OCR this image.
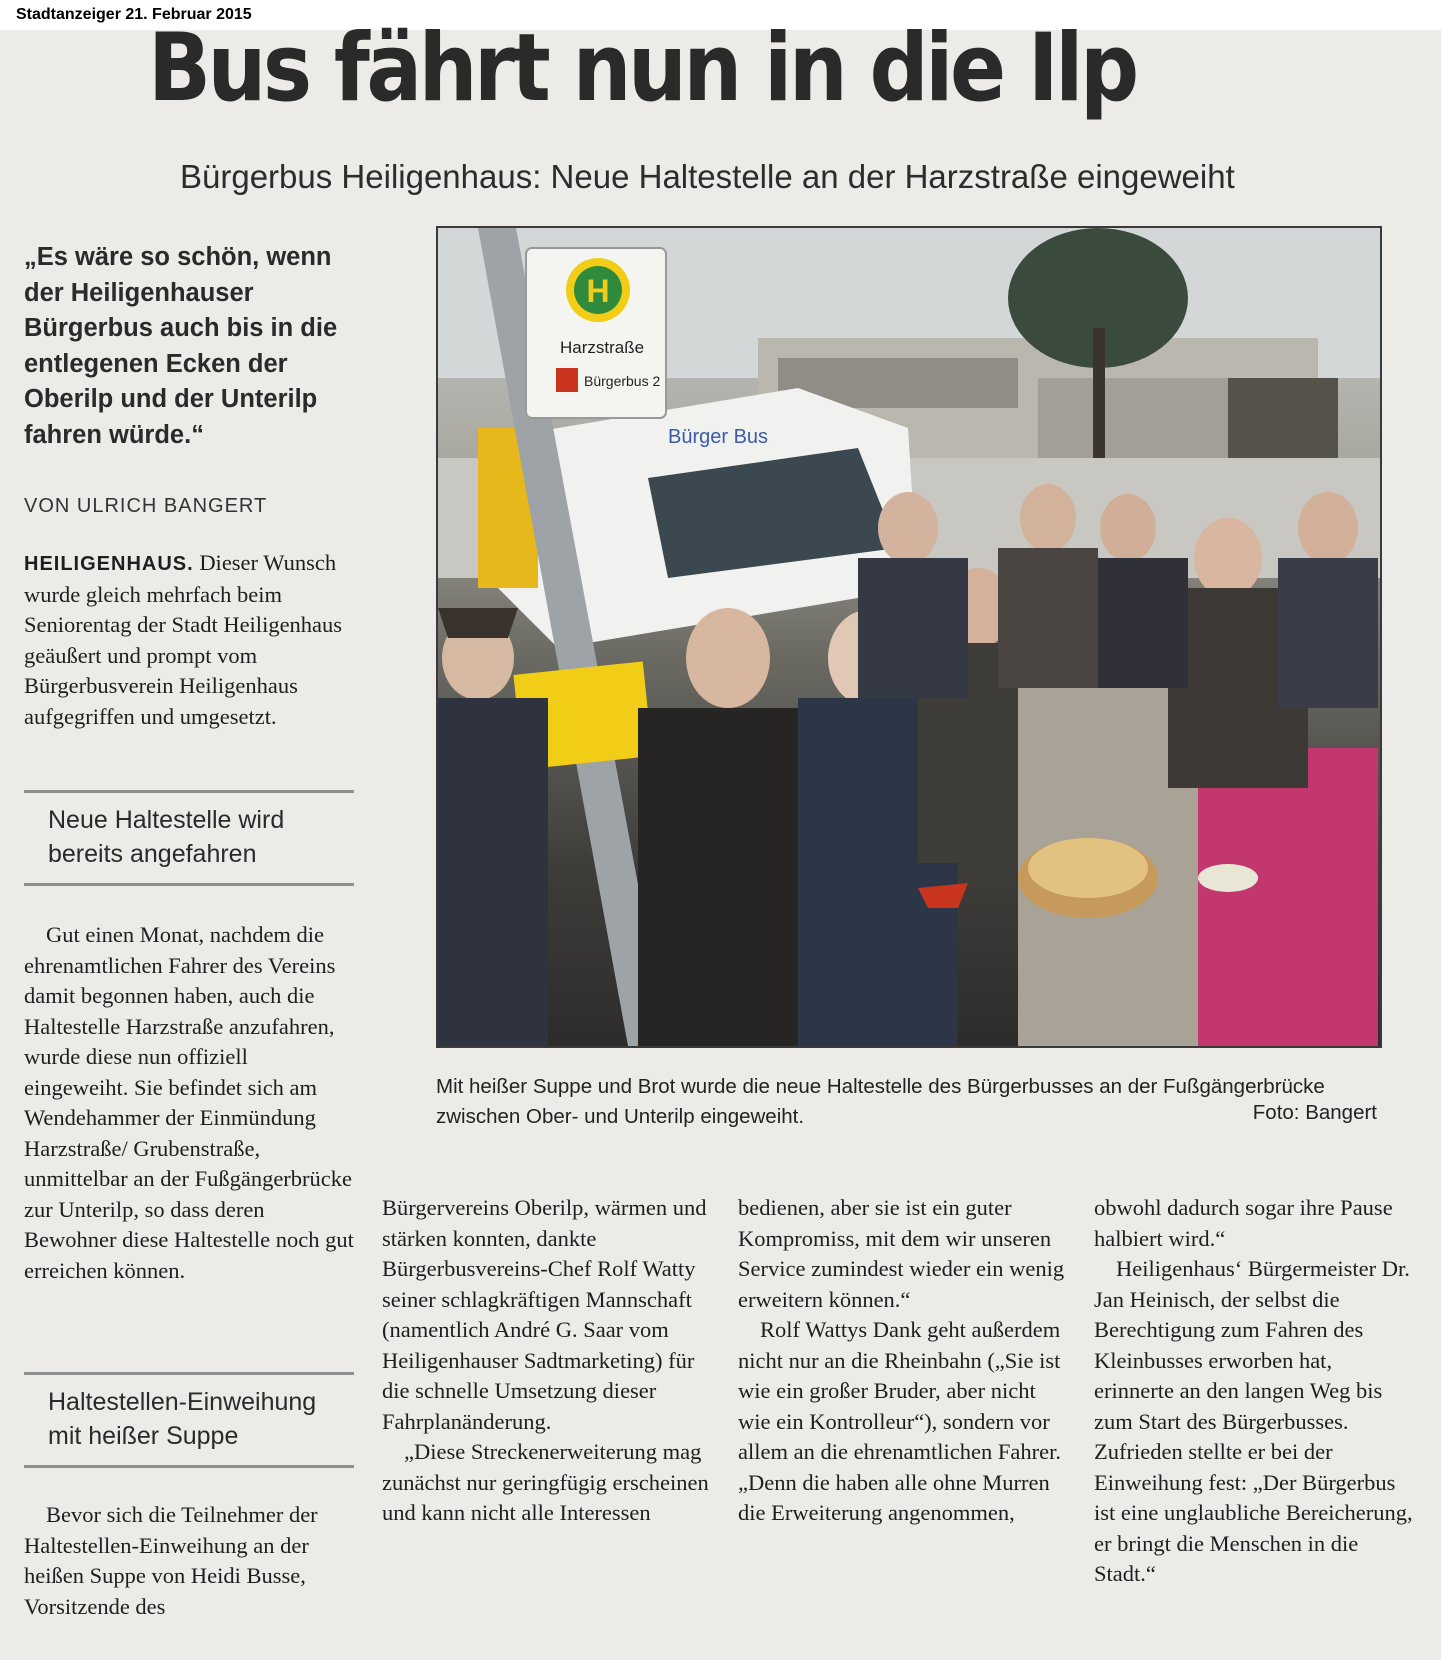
Stadtanzeiger 21. Februar 2015
Bus fährt nun in die Ilp
Bürgerbus Heiligenhaus: Neue Haltestelle an der Harzstraße eingeweiht
„Es wäre so schön, wenn der Heiligenhauser Bürgerbus auch bis in die entlegenen Ecken der Oberilp und der Unterilp fahren würde.“
VON ULRICH BANGERT

HEILIGENHAUS. Dieser Wunsch wurde gleich mehrfach beim Seniorentag der Stadt Heiligenhaus geäußert und prompt vom Bürgerbusverein Heiligenhaus aufgegriffen und umgesetzt.

Neue Haltestelle wird bereits angefahren

Gut einen Monat, nachdem die ehrenamtlichen Fahrer des Vereins damit begonnen haben, auch die Haltestelle Harzstraße anzufahren, wurde diese nun offiziell eingeweiht. Sie befindet sich am Wendehammer der Einmündung Harzstraße/ Grubenstraße, unmittelbar an der Fußgängerbrücke zur Unterilp, so dass deren Bewohner diese Haltestelle noch gut erreichen können.

Haltestellen-Einweihung mit heißer Suppe

Bevor sich die Teilnehmer der Haltestellen-Einweihung an der heißen Suppe von Heidi Busse, Vorsitzende des

Bürger Bus
H
Harzstraße
Bürgerbus 2
Mit heißer Suppe und Brot wurde die neue Haltestelle des Bürgerbusses an der Fußgängerbrücke zwischen Ober- und Unterilp eingeweiht.	Foto: Bangert

Bürgervereins Oberilp, wärmen und stärken konnten, dankte Bürgerbusvereins-Chef Rolf Watty seiner schlagkräftigen Mannschaft (namentlich André G. Saar vom Heiligenhauser Sadtmarketing) für die schnelle Umsetzung dieser Fahrplanänderung.

„Diese Streckenerweiterung mag zunächst nur geringfügig erscheinen und kann nicht alle Interessen

bedienen, aber sie ist ein guter Kompromiss, mit dem wir unseren Service zumindest wieder ein wenig erweitern können.“

Rolf Wattys Dank geht außerdem nicht nur an die Rheinbahn („Sie ist wie ein großer Bruder, aber nicht wie ein Kontrolleur“), sondern vor allem an die ehrenamtlichen Fahrer. „Denn die haben alle ohne Murren die Erweiterung angenommen,

obwohl dadurch sogar ihre Pause halbiert wird.“

Heiligenhaus‘ Bürgermeister Dr. Jan Heinisch, der selbst die Berechtigung zum Fahren des Kleinbusses erworben hat, erinnerte an den langen Weg bis zum Start des Bürgerbusses. Zufrieden stellte er bei der Einweihung fest: „Der Bürgerbus ist eine unglaubliche Bereicherung, er bringt die Menschen in die Stadt.“
